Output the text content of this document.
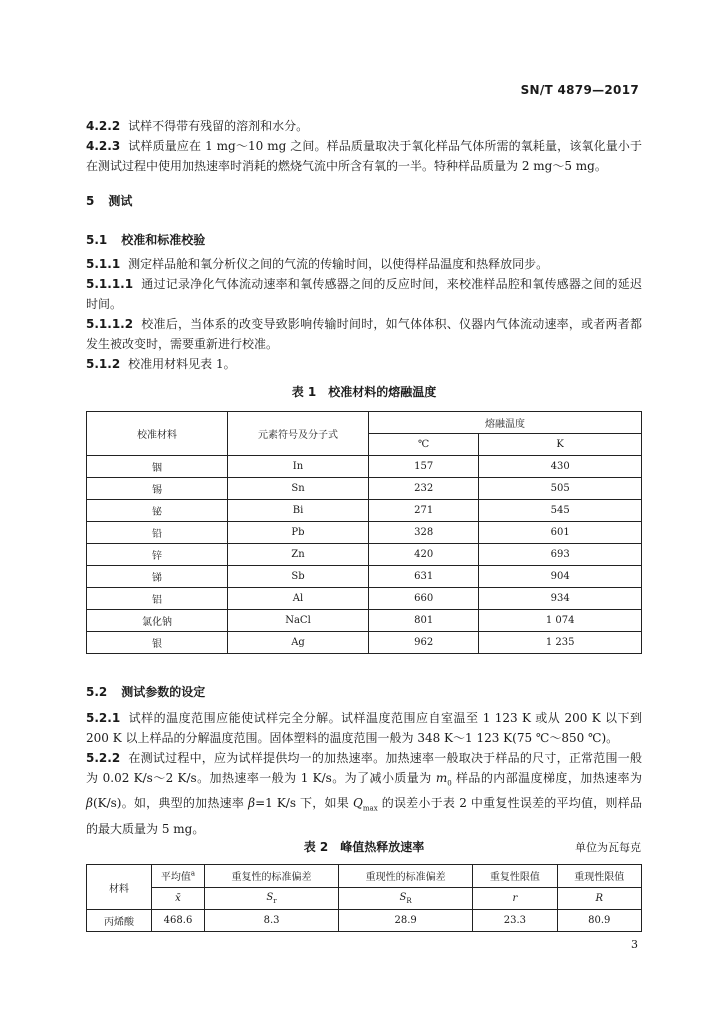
SN/T 4879—2017

4.2.2 试样不得带有残留的溶剂和水分。

4.2.3 试样质量应在 1 mg～10 mg 之间。样品质量取决于氧化样品气体所需的氧耗量，该氧化量小于在测试过程中使用加热速率时消耗的燃烧气流中所含有氧的一半。特种样品质量为 2 mg～5 mg。

5 测试
5.1 校准和标准校验

5.1.1 测定样品舱和氧分析仪之间的气流的传输时间，以使得样品温度和热释放同步。

5.1.1.1 通过记录净化气体流动速率和氧传感器之间的反应时间，来校准样品腔和氧传感器之间的延迟时间。

5.1.1.2 校准后，当体系的改变导致影响传输时间时，如气体体积、仪器内气体流动速率，或者两者都发生被改变时，需要重新进行校准。

5.1.2 校准用材料见表 1。

表 1　校准材料的熔融温度
校准材料	元素符号及分子式	熔融温度	
		℃	K
铟	In	157	430
锡	Sn	232	505
铋	Bi	271	545
铅	Pb	328	601
锌	Zn	420	693
锑	Sb	631	904
铝	Al	660	934
氯化钠	NaCl	801	1 074
银	Ag	962	1 235
5.2 测试参数的设定

5.2.1 试样的温度范围应能使试样完全分解。试样温度范围应自室温至 1 123 K 或从 200 K 以下到 200 K 以上样品的分解温度范围。固体塑料的温度范围一般为 348 K～1 123 K(75 ℃～850 ℃)。

5.2.2 在测试过程中，应为试样提供均一的加热速率。加热速率一般取决于样品的尺寸，正常范围一般为 0.02 K/s～2 K/s。加热速率一般为 1 K/s。为了减小质量为 $m_0$ 样品的内部温度梯度，加热速率为 β(K/s)。如，典型的加热速率 β=1 K/s 下，如果 $Q_{max}$ 的误差小于表 2 中重复性误差的平均值，则样品的最大质量为 5 mg。

表 2　峰值热释放速率	单位为瓦每克
材料	平均值$^a$	重复性的标准偏差	重现性的标准偏差	重复性限值	重现性限值
	x̄	$S_r$	$S_R$	r	R
丙烯酸	468.6	8.3	28.9	23.3	80.9
3
